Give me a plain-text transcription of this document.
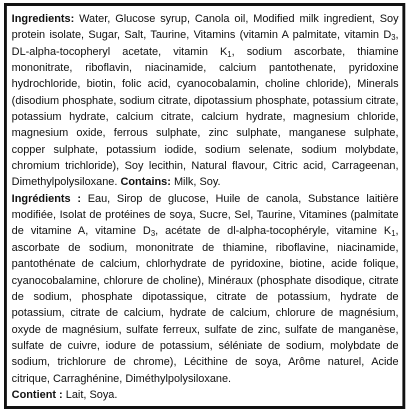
Ingredients: Water, Glucose syrup, Canola oil, Modified milk ingredient, Soy protein isolate, Sugar, Salt, Taurine, Vitamins (vitamin A palmitate, vitamin $D_3$, DL-alpha-tocopheryl acetate, vitamin $K_1$, sodium ascorbate, thiamine mononitrate, riboflavin, niacinamide, calcium pantothenate, pyridoxine hydrochloride, biotin, folic acid, cyanocobalamin, choline chloride), Minerals (disodium phosphate, sodium citrate, dipotassium phosphate, potassium citrate, potassium hydrate, calcium citrate, calcium hydrate, magnesium chloride, magnesium oxide, ferrous sulphate, zinc sulphate, manganese sulphate, copper sulphate, potassium iodide, sodium selenate, sodium molybdate, chromium trichloride), Soy lecithin, Natural flavour, Citric acid, Carrageenan, Dimethylpolysiloxane. Contains: Milk, Soy.

Ingrédients : Eau, Sirop de glucose, Huile de canola, Substance laitière modifiée, Isolat de protéines de soya, Sucre, Sel, Taurine, Vitamines (palmitate de vitamine A, vitamine $D_3$, acétate de dl-alpha-tocophéryle, vitamine $K_1$, ascorbate de sodium, mononitrate de thiamine, riboflavine, niacinamide, pantothénate de calcium, chlorhydrate de pyridoxine, biotine, acide folique, cyanocobalamine, chlorure de choline), Minéraux (phosphate disodique, citrate de sodium, phosphate dipotassique, citrate de potassium, hydrate de potassium, citrate de calcium, hydrate de calcium, chlorure de magnésium, oxyde de magnésium, sulfate ferreux, sulfate de zinc, sulfate de manganèse, sulfate de cuivre, iodure de potassium, séléniate de sodium, molybdate de sodium, trichlorure de chrome), Lécithine de soya, Arôme naturel, Acide citrique, Carraghénine, Diméthylpolysiloxane.

Contient : Lait, Soya.
